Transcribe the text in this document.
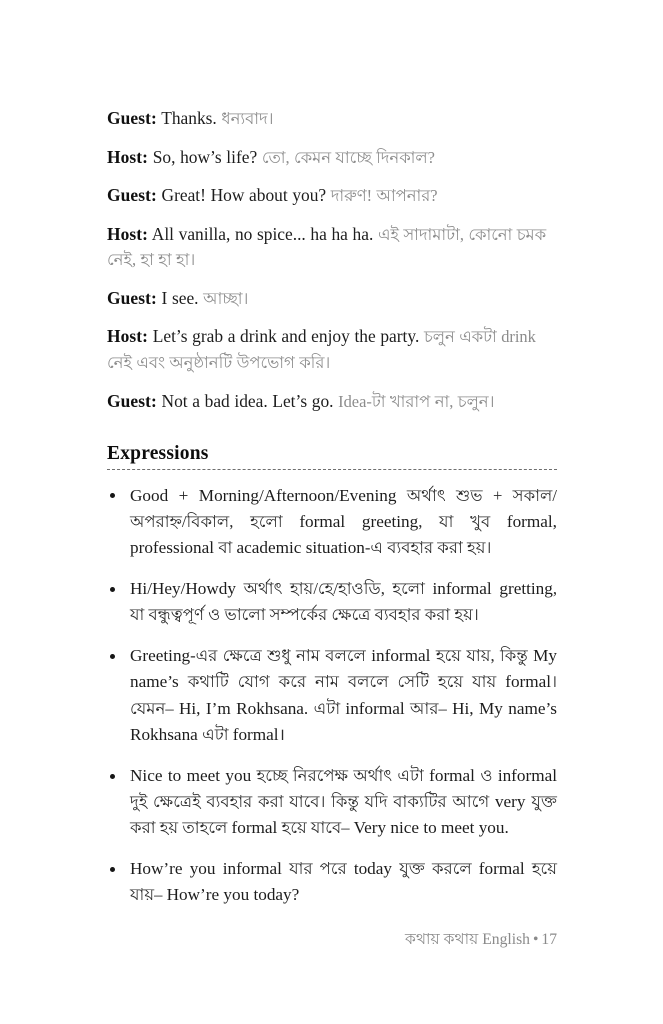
Guest: Thanks. ধন্যবাদ।

Host: So, how’s life? তো, কেমন যাচ্ছে দিনকাল?

Guest: Great! How about you? দারুণ! আপনার?

Host: All vanilla, no spice... ha ha ha. এই সাদামাটা, কোনো চমক নেই, হা হা হা।

Guest: I see. আচ্ছা।

Host: Let’s grab a drink and enjoy the party. চলুন একটা drink নেই এবং অনুষ্ঠানটি উপভোগ করি।

Guest: Not a bad idea. Let’s go. Idea-টা খারাপ না, চলুন।

Expressions
Good + Morning/Afternoon/Evening অর্থাৎ শুভ + সকাল/অপরাহ্ন/বিকাল, হলো formal greeting, যা খুব formal, professional বা academic situation-এ ব্যবহার করা হয়।
Hi/Hey/Howdy অর্থাৎ হায়/হে/হাওডি, হলো informal gretting, যা বন্ধুত্বপূর্ণ ও ভালো সম্পর্কের ক্ষেত্রে ব্যবহার করা হয়।
Greeting-এর ক্ষেত্রে শুধু নাম বললে informal হয়ে যায়, কিন্তু My name’s কথাটি যোগ করে নাম বললে সেটি হয়ে যায় formal। যেমন– Hi, I’m Rokhsana. এটা informal আর– Hi, My name’s Rokhsana এটা formal।
Nice to meet you হচ্ছে নিরপেক্ষ অর্থাৎ এটা formal ও informal দুই ক্ষেত্রেই ব্যবহার করা যাবে। কিন্তু যদি বাক্যটির আগে very যুক্ত করা হয় তাহলে formal হয়ে যাবে– Very nice to meet you.
How’re you informal যার পরে today যুক্ত করলে formal হয়ে যায়– How’re you today?
কথায় কথায় English • 17
